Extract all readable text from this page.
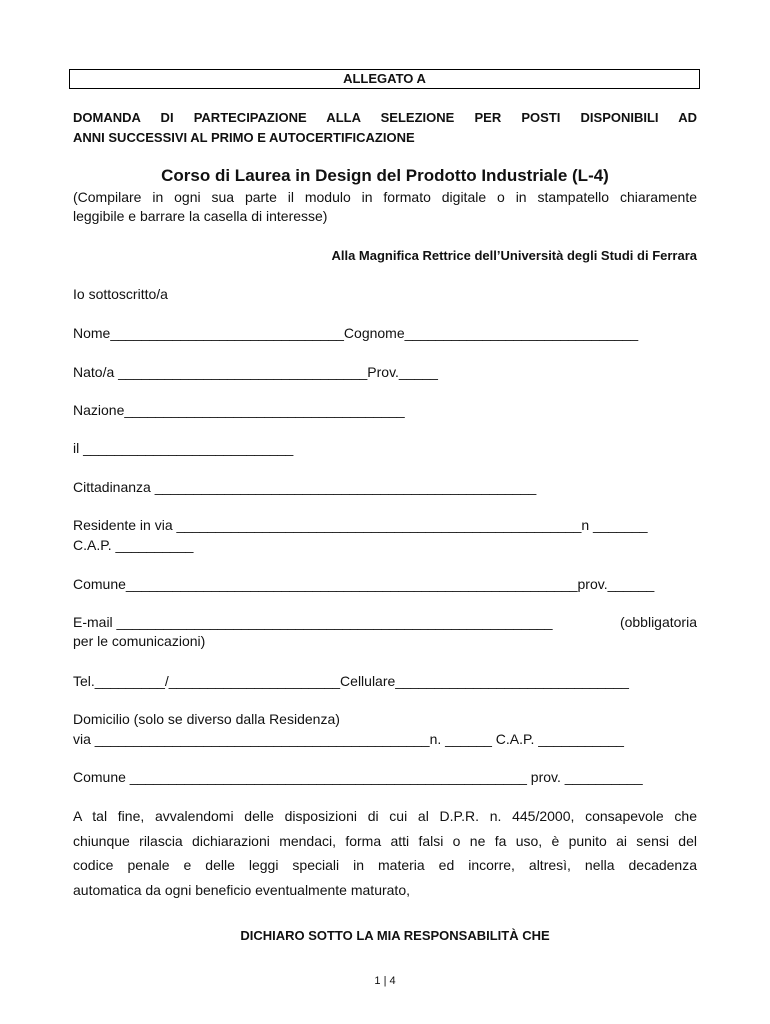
ALLEGATO A
DOMANDA DI PARTECIPAZIONE ALLA SELEZIONE PER POSTI DISPONIBILI AD
ANNI SUCCESSIVI AL PRIMO E AUTOCERTIFICAZIONE
Corso di Laurea in Design del Prodotto Industriale (L-4)
(Compilare in ogni sua parte il modulo in formato digitale o in stampatello chiaramente
leggibile e barrare la casella di interesse)
Alla Magnifica Rettrice dell’Università degli Studi di Ferrara
Io sottoscritto/a
Nome______________________________Cognome______________________________
Nato/a ________________________________Prov._____
Nazione____________________________________
il ___________________________
Cittadinanza _________________________________________________
Residente in via ____________________________________________________n _______
C.A.P. __________
Comune__________________________________________________________prov.______
E-mail ________________________________________________________	(obbligatoria
per le comunicazioni)
Tel._________/______________________Cellulare______________________________
Domicilio (solo se diverso dalla Residenza)
via ___________________________________________n. ______ C.A.P. ___________
Comune ___________________________________________________ prov. __________
A tal fine, avvalendomi delle disposizioni di cui al D.P.R. n. 445/2000, consapevole che
chiunque rilascia dichiarazioni mendaci, forma atti falsi o ne fa uso, è punito ai sensi del
codice penale e delle leggi speciali in materia ed incorre, altresì, nella decadenza
automatica da ogni beneficio eventualmente maturato,
DICHIARO SOTTO LA MIA RESPONSABILITÀ CHE
1 | 4
